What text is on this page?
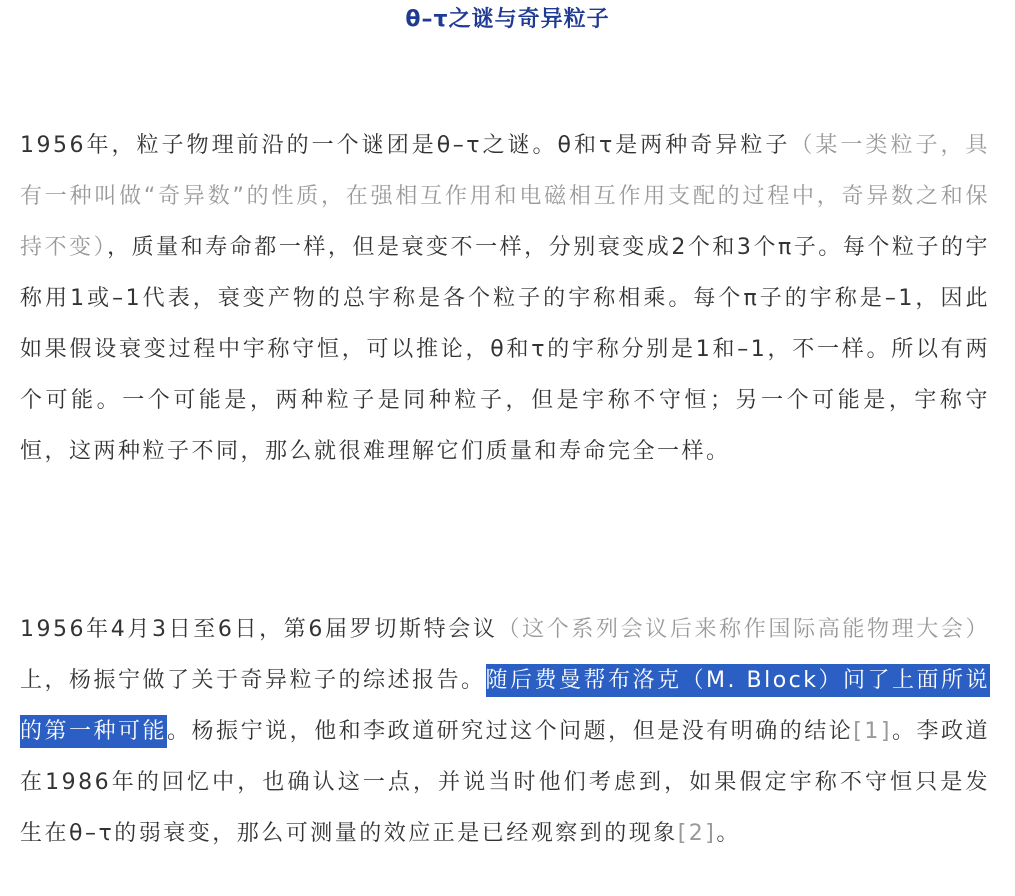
θ–τ之谜与奇异粒子

1956年，粒子物理前沿的一个谜团是θ–τ之谜。θ和τ是两种奇异粒子（某一类粒子，具有一种叫做“奇异数”的性质，在强相互作用和电磁相互作用支配的过程中，奇异数之和保持不变），质量和寿命都一样，但是衰变不一样，分别衰变成2个和3个π子。每个粒子的宇称用1或–1代表，衰变产物的总宇称是各个粒子的宇称相乘。每个π子的宇称是–1，因此如果假设衰变过程中宇称守恒，可以推论，θ和τ的宇称分别是1和–1，不一样。所以有两个可能。一个可能是，两种粒子是同种粒子，但是宇称不守恒；另一个可能是，宇称守恒，这两种粒子不同，那么就很难理解它们质量和寿命完全一样。

1956年4月3日至6日，第6届罗切斯特会议（这个系列会议后来称作国际高能物理大会）上，杨振宁做了关于奇异粒子的综述报告。随后费曼帮布洛克（M. Block）问了上面所说的第一种可能。杨振宁说，他和李政道研究过这个问题，但是没有明确的结论[1]。李政道在1986年的回忆中，也确认这一点，并说当时他们考虑到，如果假定宇称不守恒只是发生在θ–τ的弱衰变，那么可测量的效应正是已经观察到的现象[2]。
